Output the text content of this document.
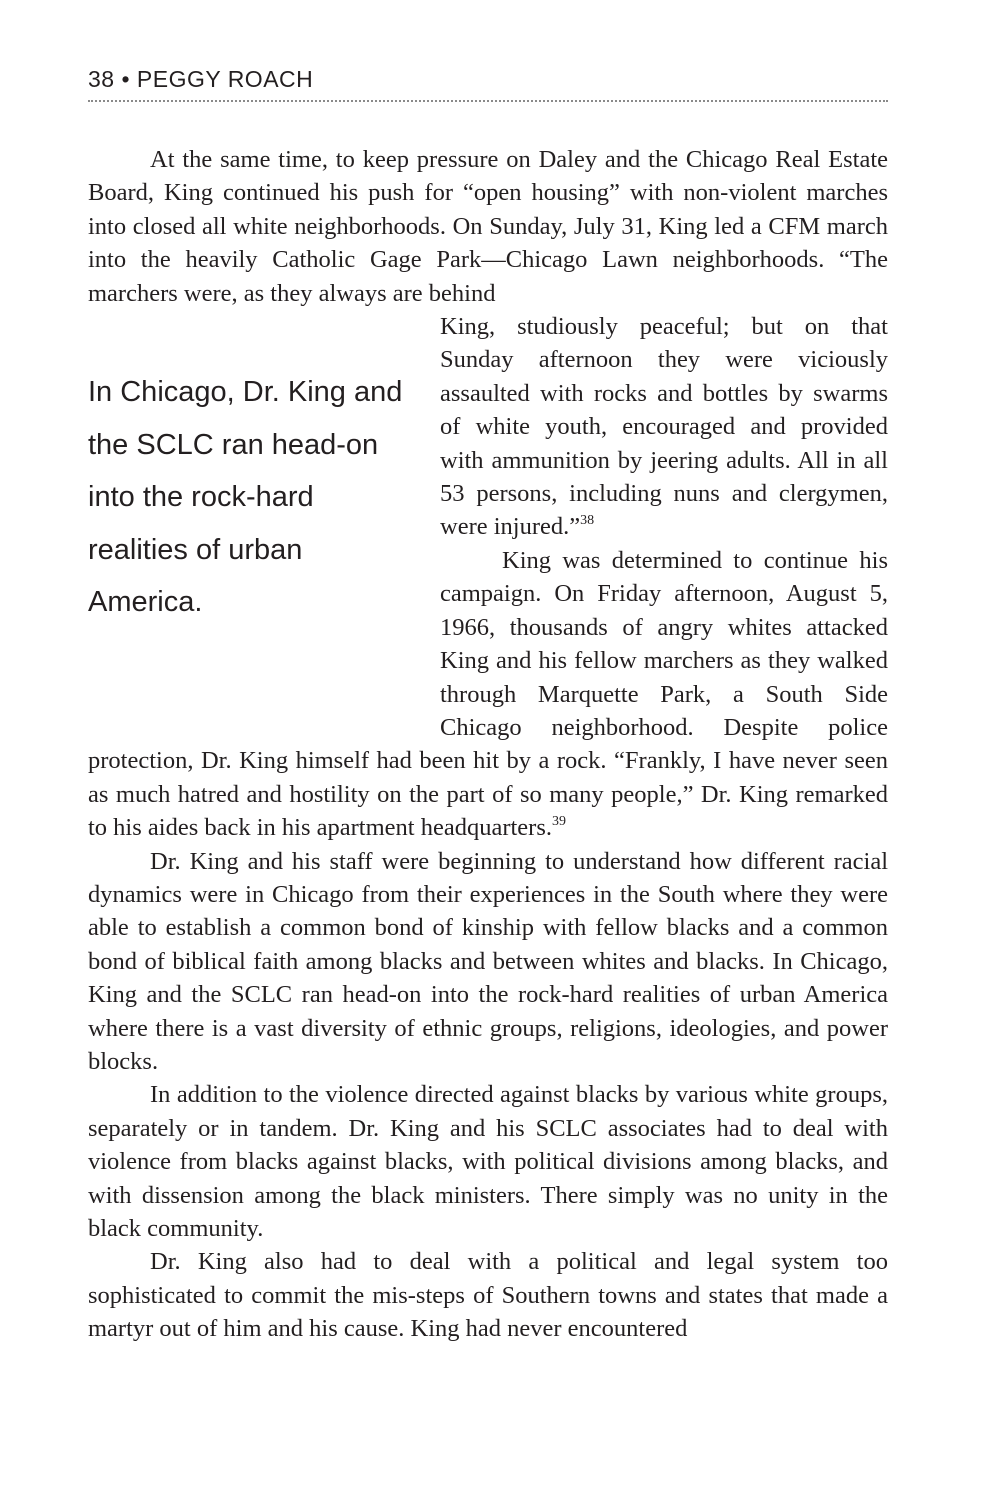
38 • PEGGY ROACH

At the same time, to keep pressure on Daley and the Chicago Real Estate Board, King continued his push for “open housing” with non-violent marches into closed all white neighborhoods. On Sunday, July 31, King led a CFM march into the heavily Catholic Gage Park—Chicago Lawn neighborhoods. “The marchers were, as they always are behind

In Chicago, Dr. King and the SCLC ran head-on into the rock-hard realities of urban America.

King, studiously peaceful; but on that Sunday afternoon they were viciously assaulted with rocks and bottles by swarms of white youth, encouraged and provided with ammunition by jeering adults. All in all 53 persons, including nuns and clergymen, were injured.”$^{38}$

King was determined to continue his campaign. On Friday afternoon, August 5, 1966, thousands of angry whites attacked King and his fellow marchers as they walked through Marquette Park, a South Side Chicago neighborhood. Despite police protection, Dr. King himself had been hit by a rock. “Frankly, I have never seen as much hatred and hostility on the part of so many people,” Dr. King remarked to his aides back in his apartment headquarters.$^{39}$

Dr. King and his staff were beginning to understand how different racial dynamics were in Chicago from their experiences in the South where they were able to establish a common bond of kinship with fellow blacks and a common bond of biblical faith among blacks and between whites and blacks. In Chicago, King and the SCLC ran head-on into the rock-hard realities of urban America where there is a vast diversity of ethnic groups, religions, ideologies, and power blocks.

In addition to the violence directed against blacks by various white groups, separately or in tandem. Dr. King and his SCLC associates had to deal with violence from blacks against blacks, with political divisions among blacks, and with dissension among the black ministers. There simply was no unity in the black community.

Dr. King also had to deal with a political and legal system too sophisticated to commit the mis-steps of Southern towns and states that made a martyr out of him and his cause. King had never encountered
